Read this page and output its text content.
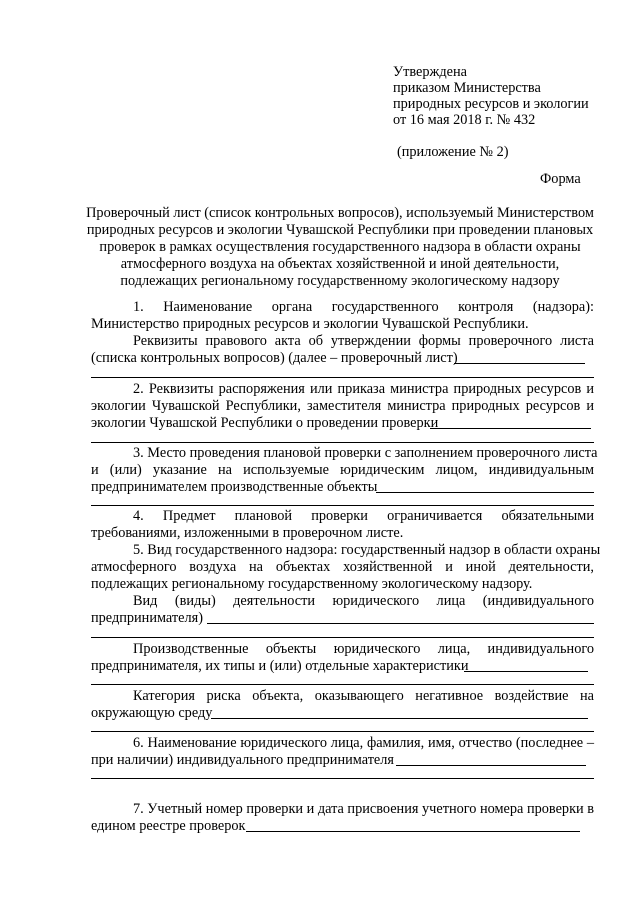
Утверждена
приказом Министерства
природных ресурсов и экологии
от 16 мая 2018 г. № 432
(приложение № 2)
Форма
Проверочный лист (список контрольных вопросов), используемый Министерством
природных ресурсов и экологии Чувашской Республики при проведении плановых
проверок в рамках осуществления государственного надзора в области охраны
атмосферного воздуха на объектах хозяйственной и иной деятельности,
подлежащих региональному государственному экологическому надзору
1. Наименование органа государственного контроля (надзора):
Министерство природных ресурсов и экологии Чувашской Республики.
Реквизиты правового акта об утверждении формы проверочного листа
(списка контрольных вопросов) (далее – проверочный лист)
2. Реквизиты распоряжения или приказа министра природных ресурсов и
экологии Чувашской Республики, заместителя министра природных ресурсов и
экологии Чувашской Республики о проведении проверки
3. Место проведения плановой проверки с заполнением проверочного листа
и (или) указание на используемые юридическим лицом, индивидуальным
предпринимателем производственные объекты
4. Предмет плановой проверки ограничивается обязательными
требованиями, изложенными в проверочном листе.
5. Вид государственного надзора: государственный надзор в области охраны
атмосферного воздуха на объектах хозяйственной и иной деятельности,
подлежащих региональному государственному экологическому надзору.
Вид (виды) деятельности юридического лица (индивидуального
предпринимателя)
Производственные объекты юридического лица, индивидуального
предпринимателя, их типы и (или) отдельные характеристики
Категория риска объекта, оказывающего негативное воздействие на
окружающую среду
6. Наименование юридического лица, фамилия, имя, отчество (последнее –
при наличии) индивидуального предпринимателя
7. Учетный номер проверки и дата присвоения учетного номера проверки в
едином реестре проверок
